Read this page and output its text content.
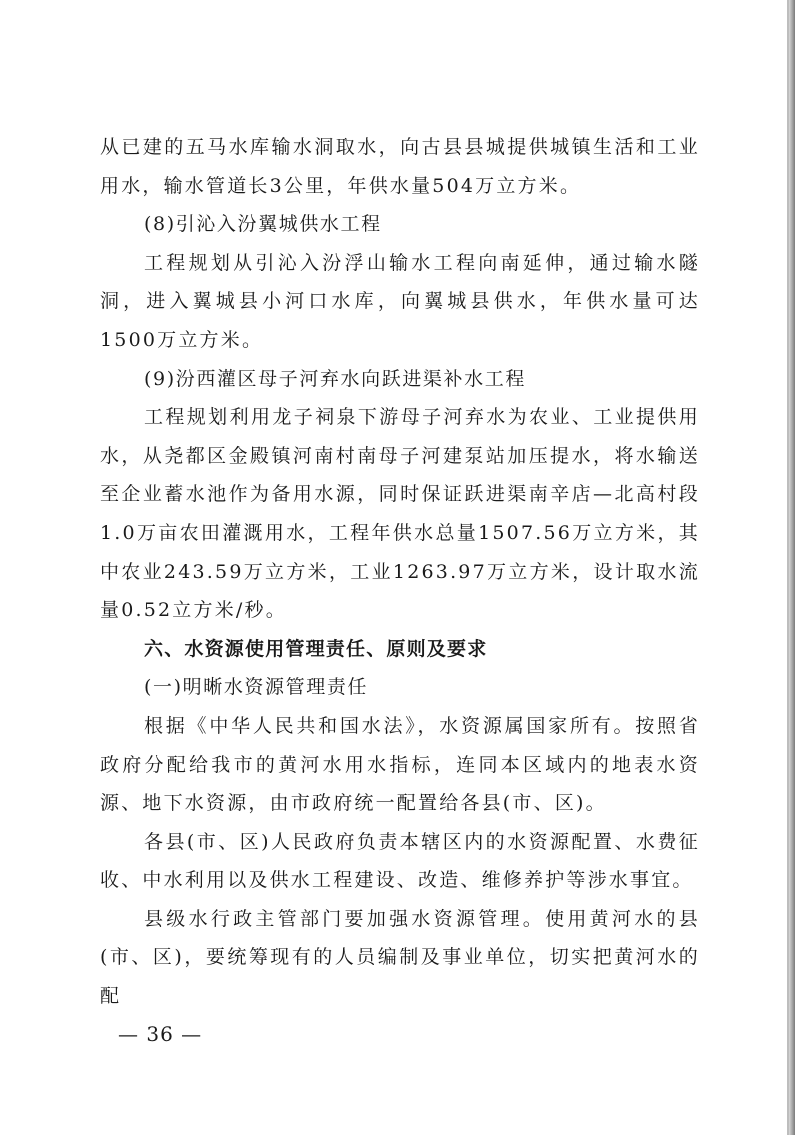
从已建的五马水库输水洞取水，向古县县城提供城镇生活和工业用水，输水管道长3公里，年供水量504万立方米。

(8)引沁入汾翼城供水工程

工程规划从引沁入汾浮山输水工程向南延伸，通过输水隧洞，进入翼城县小河口水库，向翼城县供水，年供水量可达1500万立方米。

(9)汾西灌区母子河弃水向跃进渠补水工程

工程规划利用龙子祠泉下游母子河弃水为农业、工业提供用水，从尧都区金殿镇河南村南母子河建泵站加压提水，将水输送至企业蓄水池作为备用水源，同时保证跃进渠南辛店—北高村段1.0万亩农田灌溉用水，工程年供水总量1507.56万立方米，其中农业243.59万立方米，工业1263.97万立方米，设计取水流量0.52立方米/秒。

六、水资源使用管理责任、原则及要求

(一)明晰水资源管理责任

根据《中华人民共和国水法》，水资源属国家所有。按照省政府分配给我市的黄河水用水指标，连同本区域内的地表水资源、地下水资源，由市政府统一配置给各县(市、区)。

各县(市、区)人民政府负责本辖区内的水资源配置、水费征收、中水利用以及供水工程建设、改造、维修养护等涉水事宜。

县级水行政主管部门要加强水资源管理。使用黄河水的县(市、区)，要统筹现有的人员编制及事业单位，切实把黄河水的配

— 36 —
